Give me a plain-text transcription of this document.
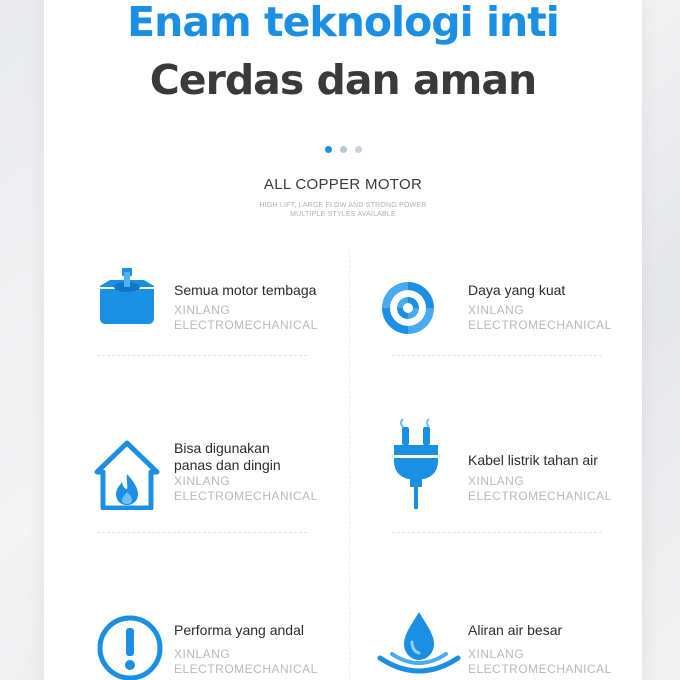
Enam teknologi inti
Cerdas dan aman

ALL COPPER MOTOR
HIGH LIFT, LARGE FLOW AND STRONG POWER
MULTIPLE STYLES AVAILABLE
Semua motor tembaga
XINLANG
ELECTROMECHANICAL
Daya yang kuat
XINLANG
ELECTROMECHANICAL
Bisa digunakan
panas dan dingin
XINLANG
ELECTROMECHANICAL
Kabel listrik tahan air
XINLANG
ELECTROMECHANICAL
Performa yang andal
XINLANG
ELECTROMECHANICAL
Aliran air besar
XINLANG
ELECTROMECHANICAL
